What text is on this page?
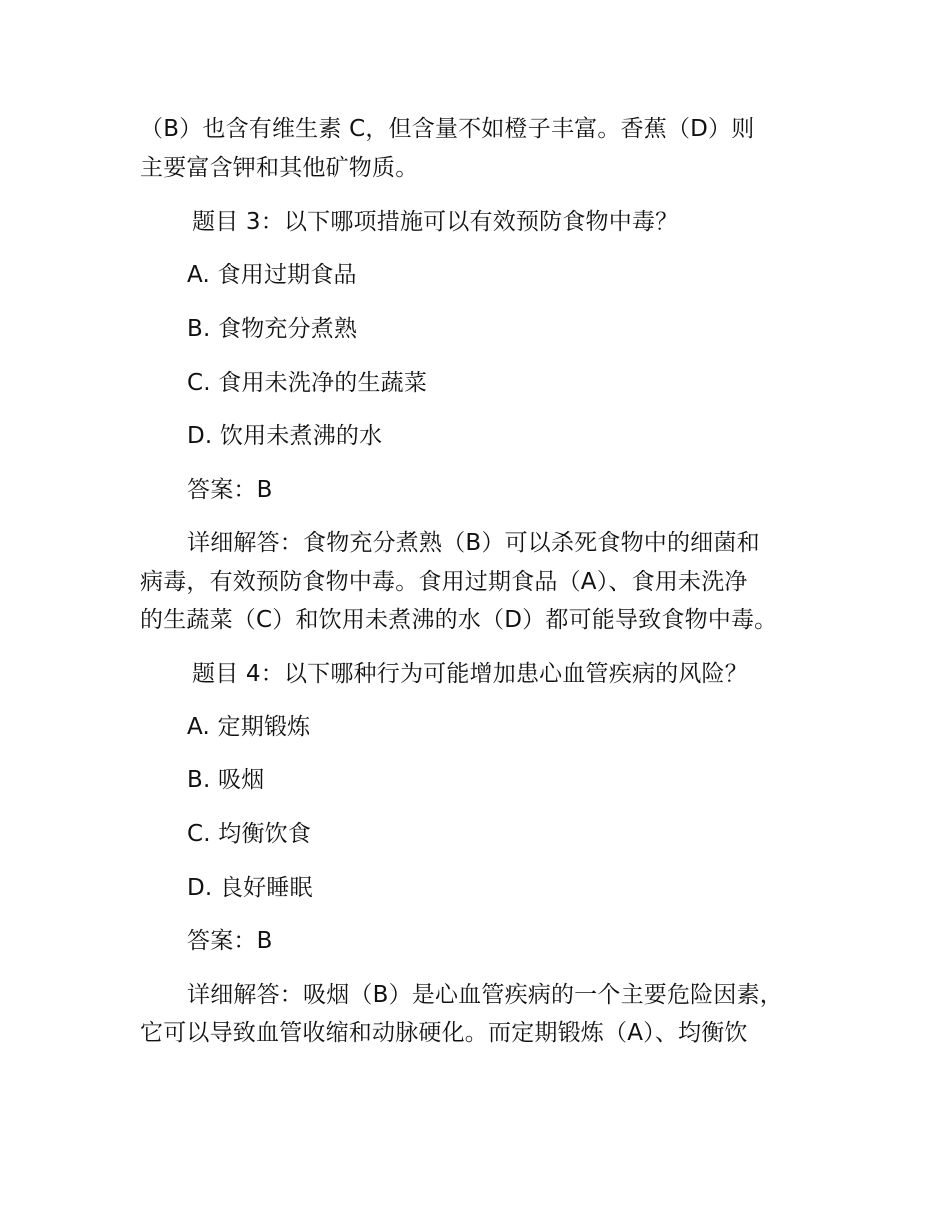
（B）也含有维生素 C，但含量不如橙子丰富。香蕉（D）则
主要富含钾和其他矿物质。
题目 3：以下哪项措施可以有效预防食物中毒？
A. 食用过期食品
B. 食物充分煮熟
C. 食用未洗净的生蔬菜
D. 饮用未煮沸的水
答案：B
详细解答：食物充分煮熟（B）可以杀死食物中的细菌和
病毒，有效预防食物中毒。食用过期食品（A）、食用未洗净
的生蔬菜（C）和饮用未煮沸的水（D）都可能导致食物中毒。
题目 4：以下哪种行为可能增加患心血管疾病的风险？
A. 定期锻炼
B. 吸烟
C. 均衡饮食
D. 良好睡眠
答案：B
详细解答：吸烟（B）是心血管疾病的一个主要危险因素，
它可以导致血管收缩和动脉硬化。而定期锻炼（A）、均衡饮
